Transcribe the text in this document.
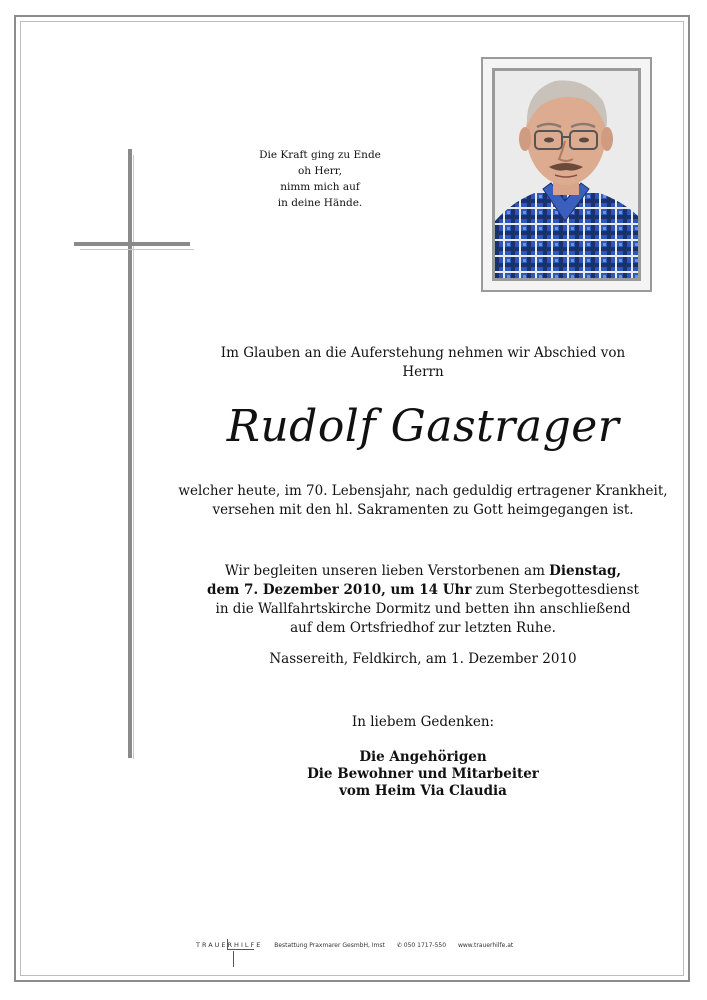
Die Kraft ging zu Ende
oh Herr,
nimm mich auf
in deine Hände.
Im Glauben an die Auferstehung nehmen wir Abschied von
Herrn
Rudolf Gastrager
welcher heute, im 70. Lebensjahr, nach geduldig ertragener Krankheit,
versehen mit den hl. Sakramenten zu Gott heimgegangen ist.
Wir begleiten unseren lieben Verstorbenen am Dienstag,
dem 7. Dezember 2010, um 14 Uhr zum Sterbegottesdienst
in die Wallfahrtskirche Dormitz und betten ihn anschließend
auf dem Ortsfriedhof zur letzten Ruhe.
Nassereith, Feldkirch, am 1. Dezember 2010
In liebem Gedenken:
Die Angehörigen
Die Bewohner und Mitarbeiter
vom Heim Via Claudia
TRAUERHILFE Bestattung Praxmarer GesmbH, Imst ✆ 050 1717-550 www.trauerhilfe.at
